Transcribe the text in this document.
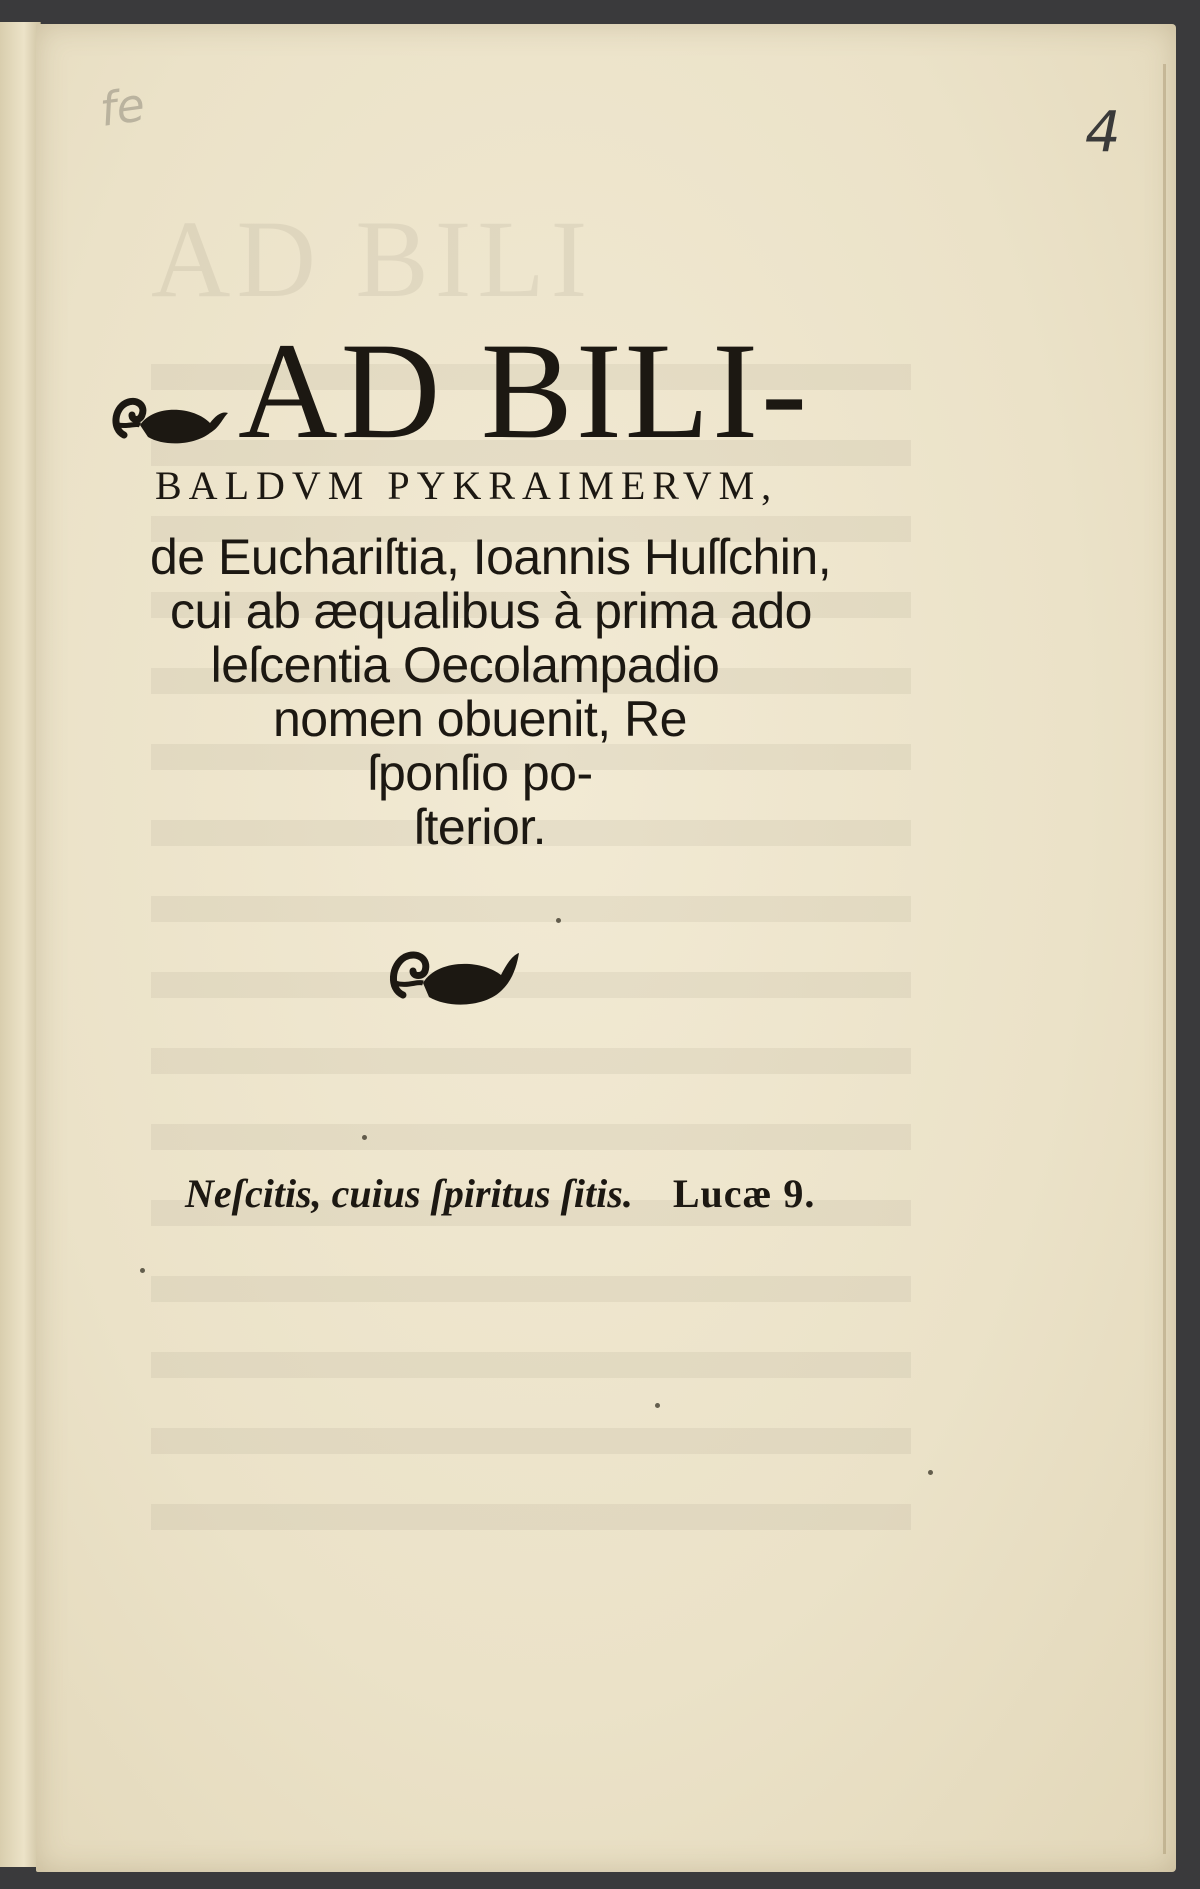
AD BILI
fe	4
AD BILI-
BALDVM PYKRAIMERVM,
de Euchariſtia, Ioannis Huſſchin,
cui ab æqualibus à prima ado
leſcentia Oecolampadio
nomen obuenit, Re
ſponſio po-
ſterior.
Neſcitis, cuius ſpiritus ſitis. Lucæ 9.
